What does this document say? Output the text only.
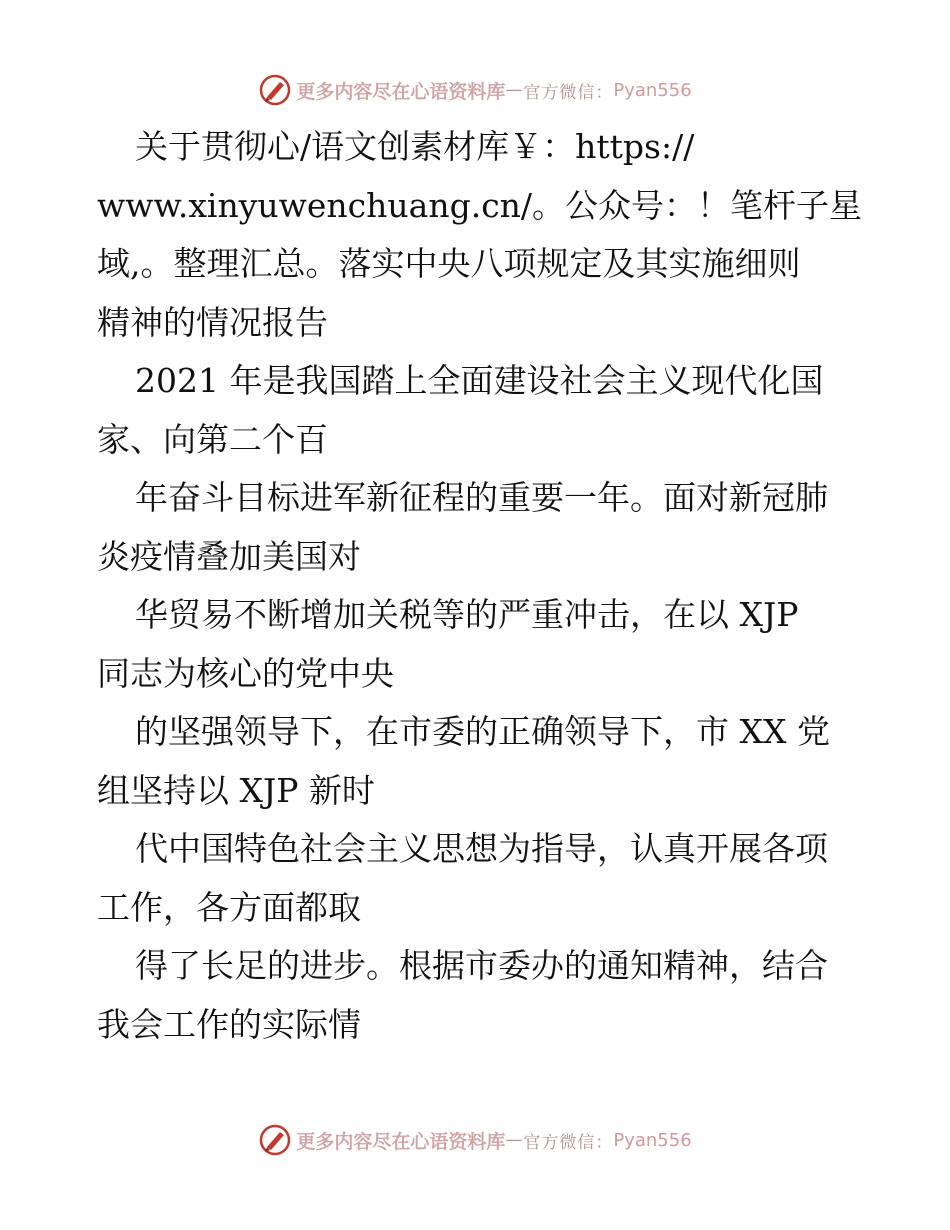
更多内容尽在心语资料库 — 官方微信： Pyan556
关于贯彻心/语文创素材库￥：https://
www.xinyuwenchuang.cn/。公众号：！笔杆子星
域,。整理汇总。落实中央八项规定及其实施细则
精神的情况报告
2021 年是我国踏上全面建设社会主义现代化国
家、向第二个百
年奋斗目标进军新征程的重要一年。面对新冠肺
炎疫情叠加美国对
华贸易不断增加关税等的严重冲击，在以 XJP
同志为核心的党中央
的坚强领导下，在市委的正确领导下，市 XX 党
组坚持以 XJP 新时
代中国特色社会主义思想为指导，认真开展各项
工作，各方面都取
得了长足的进步。根据市委办的通知精神，结合
我会工作的实际情
更多内容尽在心语资料库 — 官方微信： Pyan556
